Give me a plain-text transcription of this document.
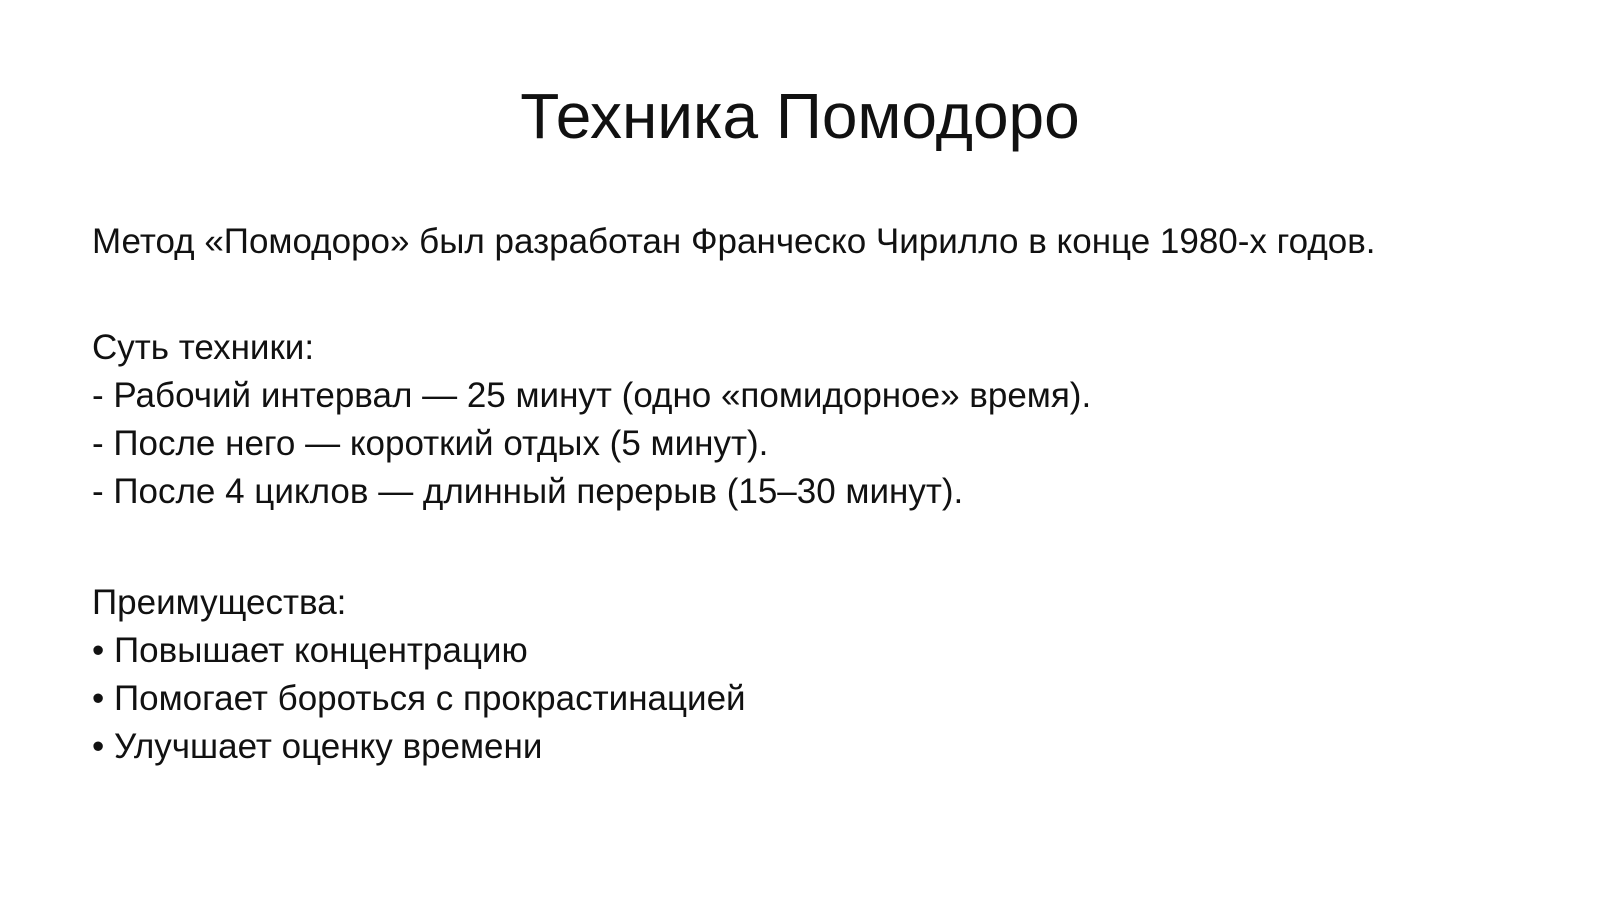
Техника Помодоро
Метод «Помодоро» был разработан Франческо Чирилло в конце 1980-х годов.
Суть техники:
- Рабочий интервал — 25 минут (одно «помидорное» время).
- После него — короткий отдых (5 минут).
- После 4 циклов — длинный перерыв (15–30 минут).
Преимущества:
• Повышает концентрацию
• Помогает бороться с прокрастинацией
• Улучшает оценку времени
